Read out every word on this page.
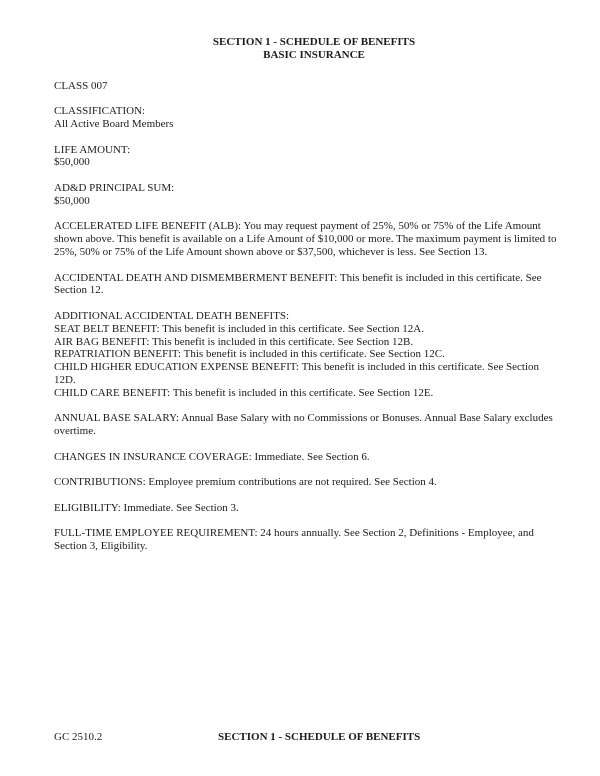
SECTION 1 - SCHEDULE OF BENEFITS
BASIC INSURANCE
CLASS 007
CLASSIFICATION:
All Active Board Members
LIFE AMOUNT:
$50,000
AD&D PRINCIPAL SUM:
$50,000
ACCELERATED LIFE BENEFIT (ALB): You may request payment of 25%, 50% or 75% of the Life Amount shown above. This benefit is available on a Life Amount of $10,000 or more. The maximum payment is limited to 25%, 50% or 75% of the Life Amount shown above or $37,500, whichever is less. See Section 13.
ACCIDENTAL DEATH AND DISMEMBERMENT BENEFIT: This benefit is included in this certificate. See Section 12.
ADDITIONAL ACCIDENTAL DEATH BENEFITS:
SEAT BELT BENEFIT: This benefit is included in this certificate. See Section 12A.
AIR BAG BENEFIT: This benefit is included in this certificate. See Section 12B.
REPATRIATION BENEFIT: This benefit is included in this certificate. See Section 12C.
CHILD HIGHER EDUCATION EXPENSE BENEFIT: This benefit is included in this certificate. See Section 12D.
CHILD CARE BENEFIT: This benefit is included in this certificate. See Section 12E.
ANNUAL BASE SALARY: Annual Base Salary with no Commissions or Bonuses. Annual Base Salary excludes overtime.
CHANGES IN INSURANCE COVERAGE: Immediate. See Section 6.
CONTRIBUTIONS: Employee premium contributions are not required. See Section 4.
ELIGIBILITY: Immediate. See Section 3.
FULL-TIME EMPLOYEE REQUIREMENT: 24 hours annually. See Section 2, Definitions - Employee, and Section 3, Eligibility.
GC 2510.2	SECTION 1 - SCHEDULE OF BENEFITS
